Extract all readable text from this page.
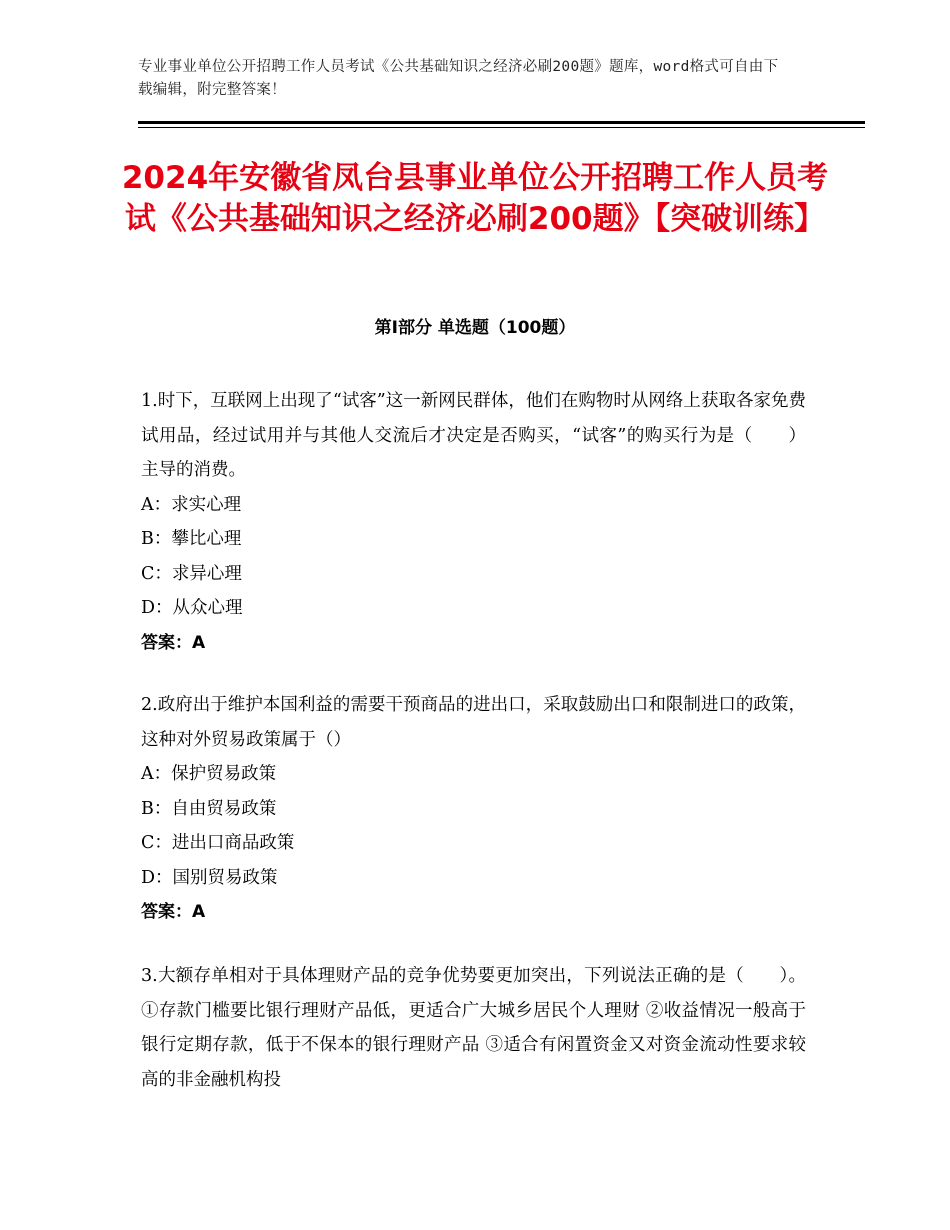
专业事业单位公开招聘工作人员考试《公共基础知识之经济必刷200题》题库，word格式可自由下载编辑，附完整答案！
2024年安徽省凤台县事业单位公开招聘工作人员考试《公共基础知识之经济必刷200题》【突破训练】
第Ⅰ部分 单选题（100题）

1.时下，互联网上出现了“试客”这一新网民群体，他们在购物时从网络上获取各家免费试用品，经过试用并与其他人交流后才决定是否购买，“试客”的购买行为是（　　）主导的消费。

A：求实心理

B：攀比心理

C：求异心理

D：从众心理

答案：A

2.政府出于维护本国利益的需要干预商品的进出口，采取鼓励出口和限制进口的政策，这种对外贸易政策属于（）

A：保护贸易政策

B：自由贸易政策

C：进出口商品政策

D：国别贸易政策

答案：A

3.大额存单相对于具体理财产品的竞争优势要更加突出，下列说法正确的是（　　）。①存款门槛要比银行理财产品低，更适合广大城乡居民个人理财 ②收益情况一般高于银行定期存款，低于不保本的银行理财产品 ③适合有闲置资金又对资金流动性要求较高的非金融机构投
